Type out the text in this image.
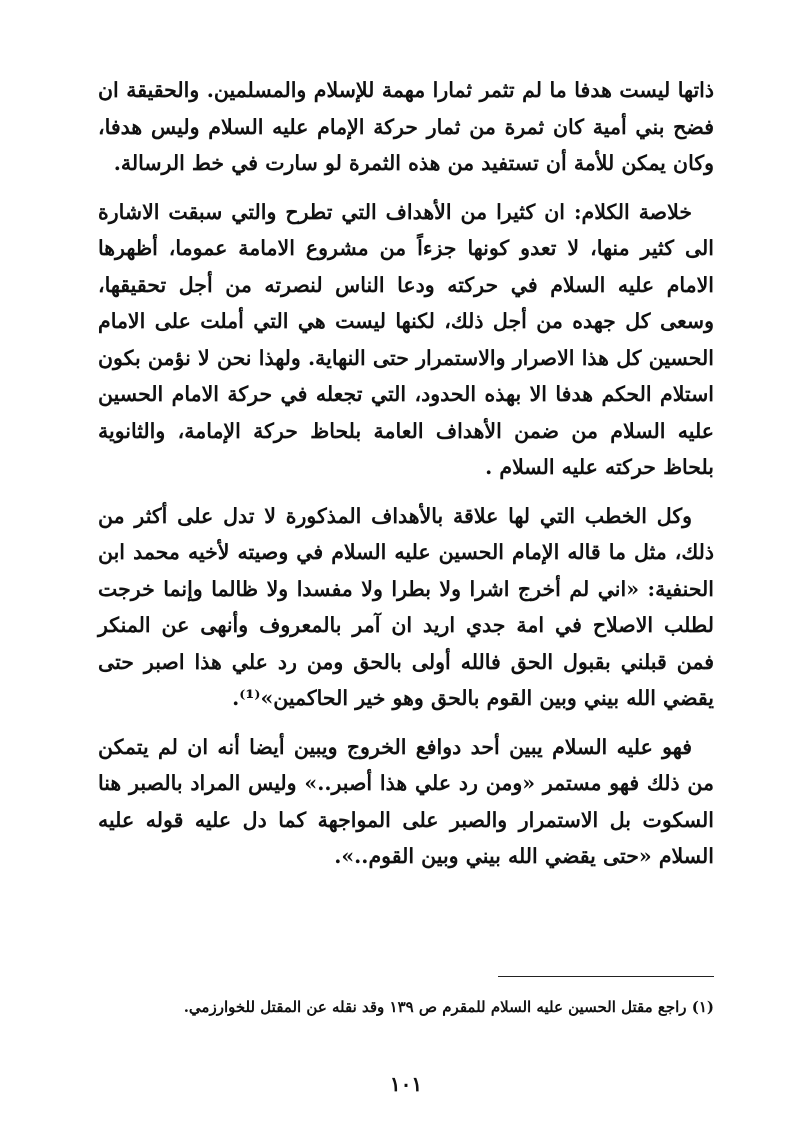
ذاتها ليست هدفا ما لم تثمر ثمارا مهمة للإسلام والمسلمين. والحقيقة ان فضح بني أمية كان ثمرة من ثمار حركة الإمام عليه السلام وليس هدفا، وكان يمكن للأمة أن تستفيد من هذه الثمرة لو سارت في خط الرسالة.

خلاصة الكلام: ان كثيرا من الأهداف التي تطرح والتي سبقت الاشارة الى كثير منها، لا تعدو كونها جزءاً من مشروع الامامة عموما، أظهرها الامام عليه السلام في حركته ودعا الناس لنصرته من أجل تحقيقها، وسعى كل جهده من أجل ذلك، لكنها ليست هي التي أملت على الامام الحسين كل هذا الاصرار والاستمرار حتى النهاية. ولهذا نحن لا نؤمن بكون استلام الحكم هدفا الا بهذه الحدود، التي تجعله في حركة الامام الحسين عليه السلام من ضمن الأهداف العامة بلحاظ حركة الإمامة، والثانوية بلحاظ حركته عليه السلام .

وكل الخطب التي لها علاقة بالأهداف المذكورة لا تدل على أكثر من ذلك، مثل ما قاله الإمام الحسين عليه السلام في وصيته لأخيه محمد ابن الحنفية: «اني لم أخرج اشرا ولا بطرا ولا مفسدا ولا ظالما وإنما خرجت لطلب الاصلاح في امة جدي اريد ان آمر بالمعروف وأنهى عن المنكر فمن قبلني بقبول الحق فالله أولى بالحق ومن رد علي هذا اصبر حتى يقضي الله بيني وبين القوم بالحق وهو خير الحاكمين»⁽¹⁾.

فهو عليه السلام يبين أحد دوافع الخروج ويبين أيضا أنه ان لم يتمكن من ذلك فهو مستمر «ومن رد علي هذا أصبر..» وليس المراد بالصبر هنا السكوت بل الاستمرار والصبر على المواجهة كما دل عليه قوله عليه السلام «حتى يقضي الله بيني وبين القوم..».

(١) راجع مقتل الحسين عليه السلام للمقرم ص ١٣٩ وقد نقله عن المقتل للخوارزمي.
١٠١
